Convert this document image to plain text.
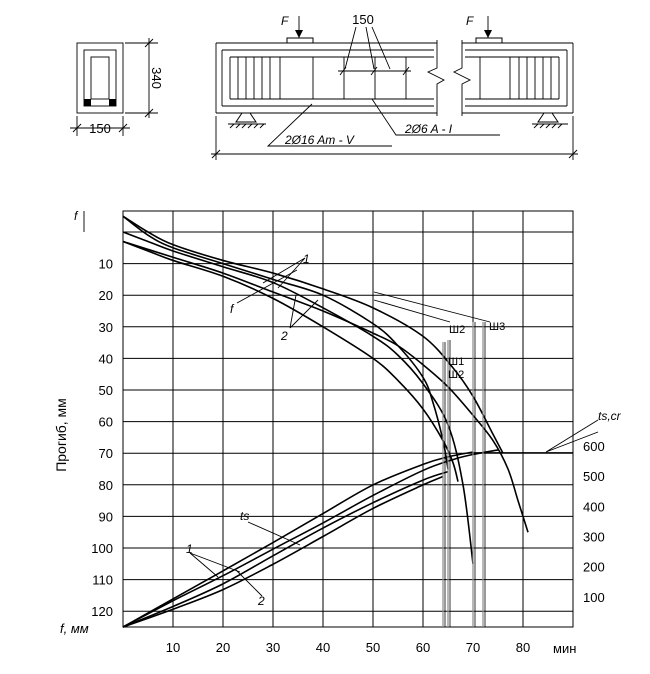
340
150
F	F
150
2Ø16 Aт - V
2Ø6 A - I
10	20	30	40	50	60	70	80
10
20
30
40
50
60
70
80
90
100
110
120
100
200
300
400
500
600
Прогиб, мм
f
f, мм
мин
1
f
2	Ш2 Ш3
Ш1
Ш2
ts
1
2
ts,cr
